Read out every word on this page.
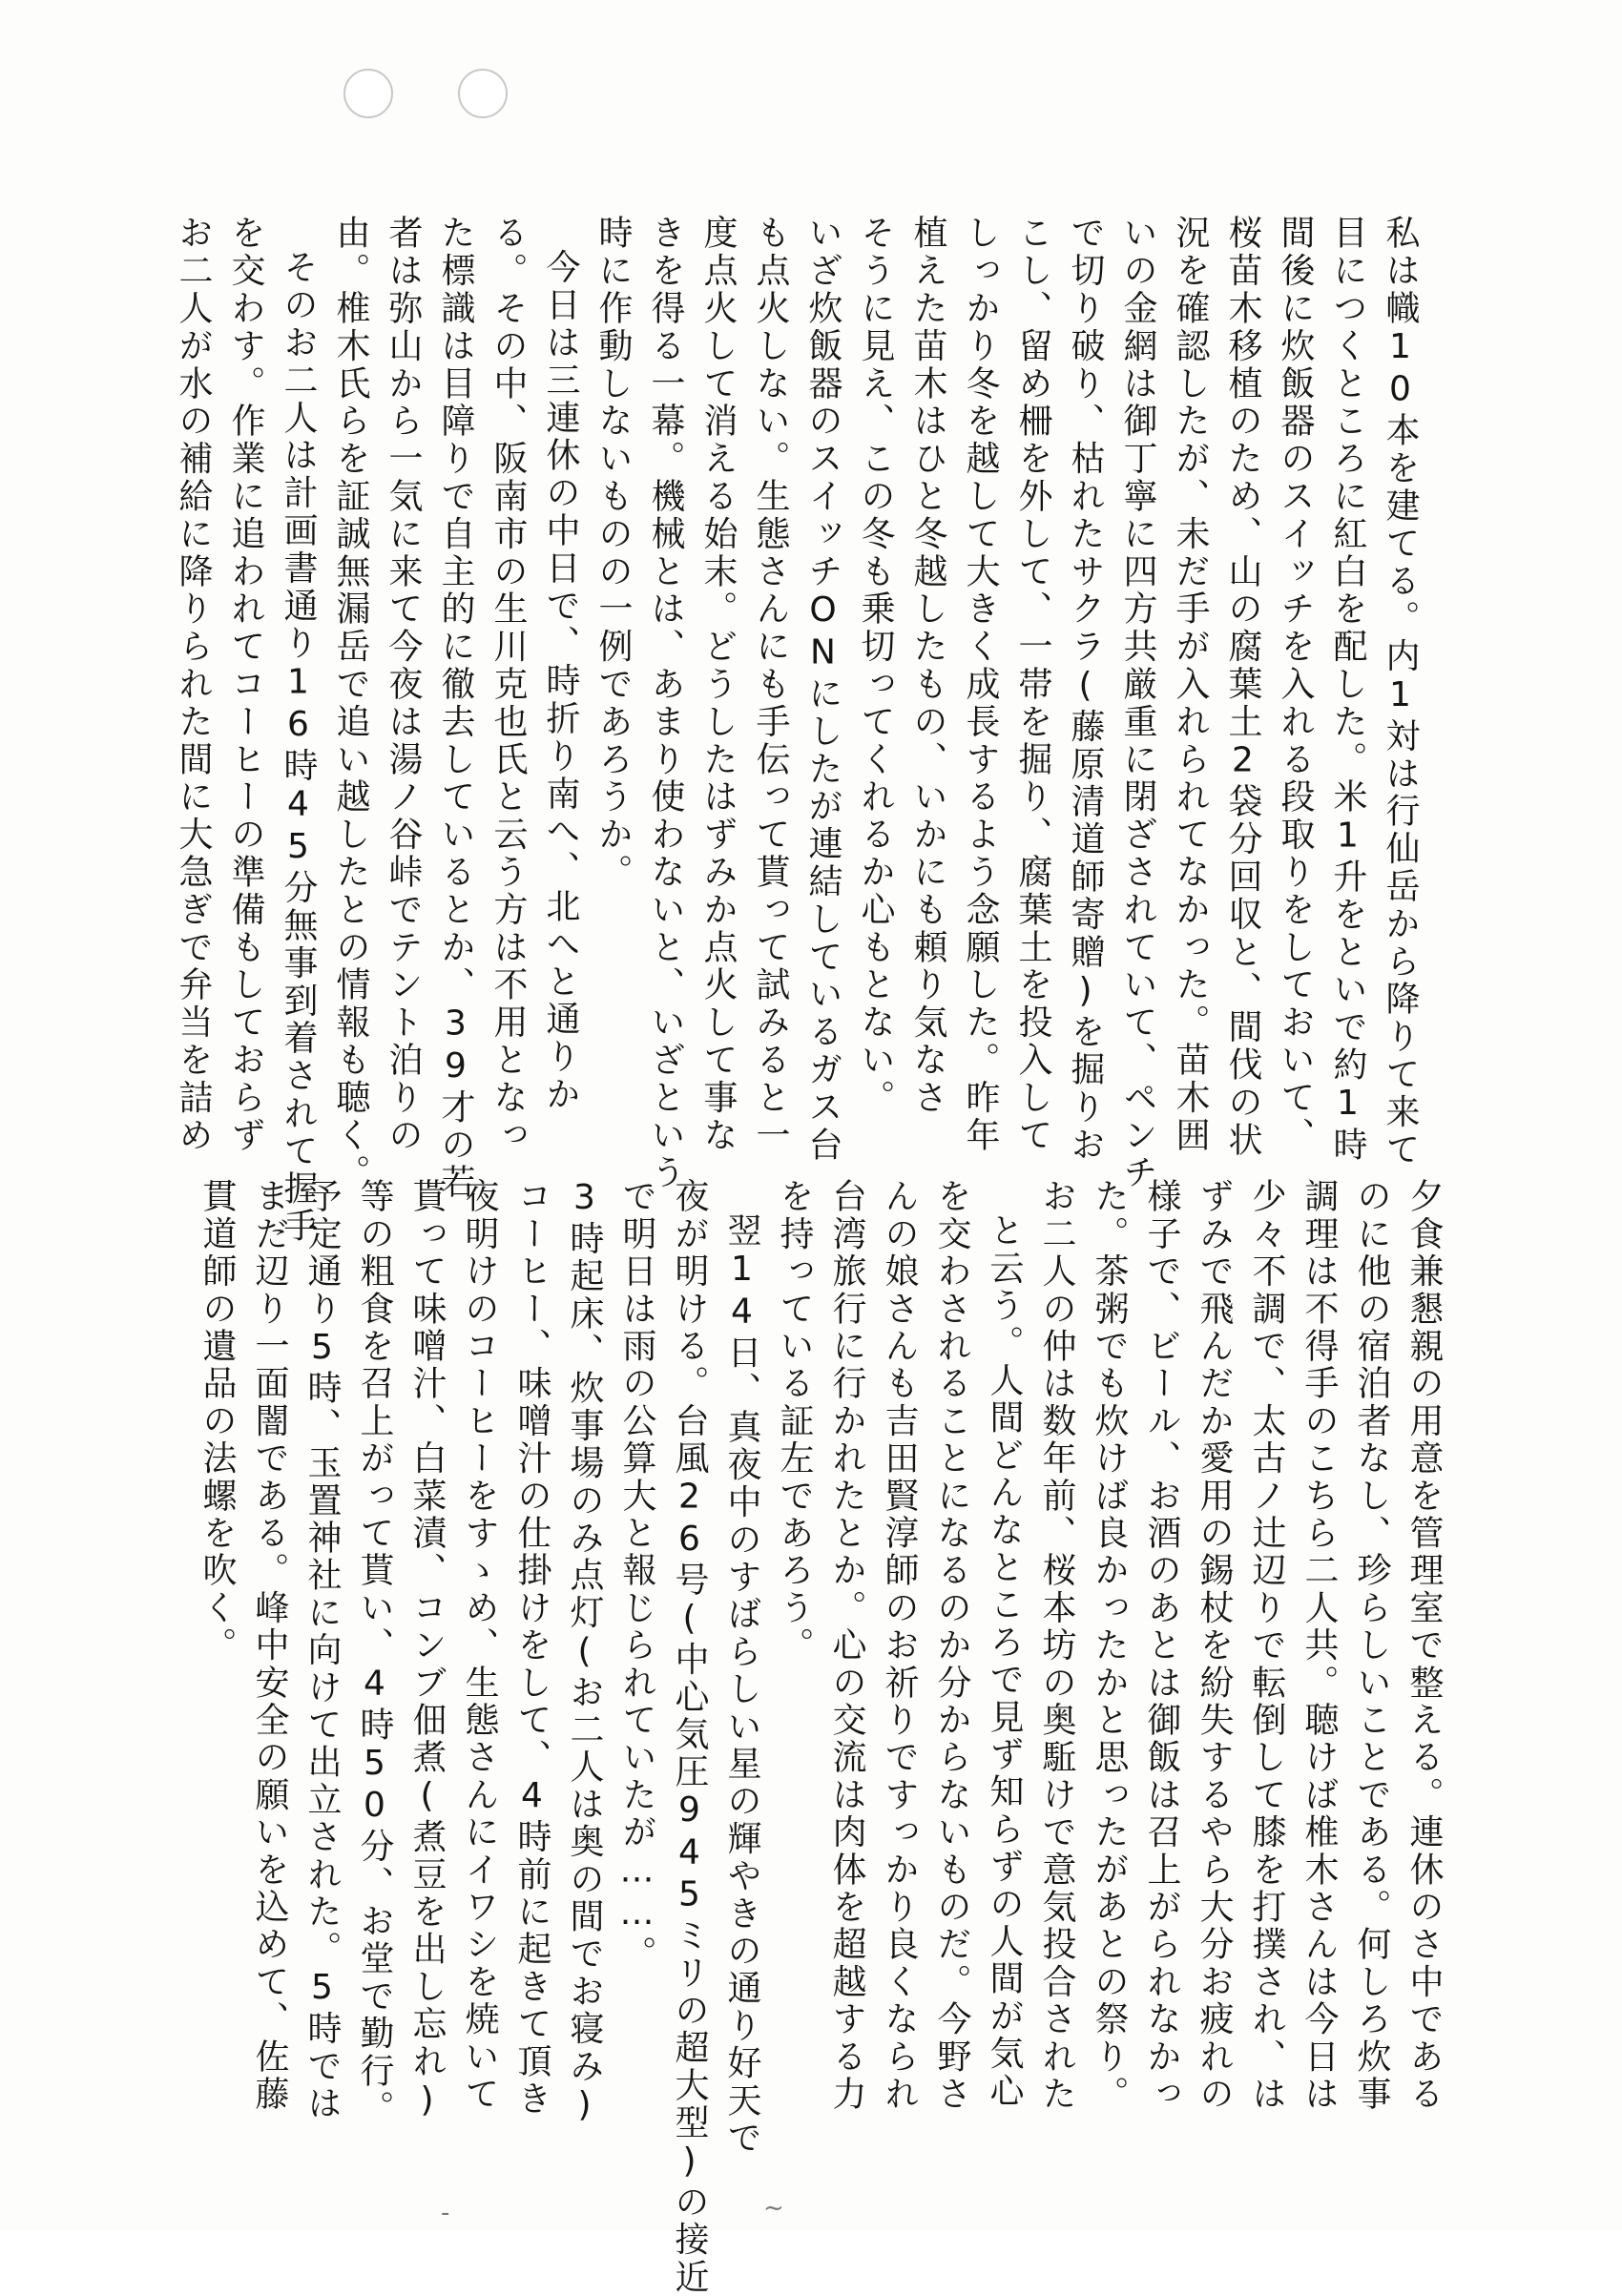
私は幟10本を建てる。内1対は行仙岳から降りて来て
目につくところに紅白を配した。米1升をといで約1時
間後に炊飯器のスイッチを入れる段取りをしておいて、
桜苗木移植のため、山の腐葉土2袋分回収と、間伐の状
況を確認したが、未だ手が入れられてなかった。苗木囲
いの金網は御丁寧に四方共厳重に閉ざされていて、ペンチ
で切り破り、枯れたサクラ(藤原清道師寄贈)を掘りお
こし、留め柵を外して、一帯を掘り、腐葉土を投入して
しっかり冬を越して大きく成長するよう念願した。昨年
植えた苗木はひと冬越したもの、いかにも頼り気なさ
そうに見え、この冬も乗切ってくれるか心もとない。
いざ炊飯器のスイッチONにしたが連結しているガス台
も点火しない。生態さんにも手伝って貰って試みると一
度点火して消える始末。どうしたはずみか点火して事な
きを得る一幕。機械とは、あまり使わないと、いざという
時に作動しないものの一例であろうか。
今日は三連休の中日で、時折り南へ、北へと通りか
る。その中、阪南市の生川克也氏と云う方は不用となっ
た標識は目障りで自主的に徹去しているとか、39才の若
者は弥山から一気に来て今夜は湯ノ谷峠でテント泊りの
由。椎木氏らを証誠無漏岳で追い越したとの情報も聴く。
そのお二人は計画書通り16時45分無事到着されて握手
を交わす。作業に追われてコーヒーの準備もしておらず
お二人が水の補給に降りられた間に大急ぎで弁当を詰め
夕食兼懇親の用意を管理室で整える。連休のさ中である
のに他の宿泊者なし、珍らしいことである。何しろ炊事
調理は不得手のこちら二人共。聴けば椎木さんは今日は
少々不調で、太古ノ辻辺りで転倒して膝を打撲され、は
ずみで飛んだか愛用の錫杖を紛失するやら大分お疲れの
様子で、ビール、お酒のあとは御飯は召上がられなかっ
た。茶粥でも炊けば良かったかと思ったがあとの祭り。
お二人の仲は数年前、桜本坊の奥駈けで意気投合された
と云う。人間どんなところで見ず知らずの人間が気心
を交わされることになるのか分からないものだ。今野さ
んの娘さんも吉田賢淳師のお祈りですっかり良くなられ
台湾旅行に行かれたとか。心の交流は肉体を超越する力
を持っている証左であろう。
翌14日、真夜中のすばらしい星の輝やきの通り好天で
夜が明ける。台風26号(中心気圧945ミリの超大型)の接近
で明日は雨の公算大と報じられていたが……。
3時起床、炊事場のみ点灯(お二人は奥の間でお寝み)
コーヒー、味噌汁の仕掛けをして、4時前に起きて頂き
夜明けのコーヒーをすゝめ、生態さんにイワシを焼いて
貰って味噌汁、白菜漬、コンブ佃煮(煮豆を出し忘れ)
等の粗食を召上がって貰い、4時50分、お堂で勤行。
予定通り5時、玉置神社に向けて出立された。5時では
まだ辺り一面闇である。峰中安全の願いを込めて、佐藤
貫道師の遺品の法螺を吹く。
-	~
